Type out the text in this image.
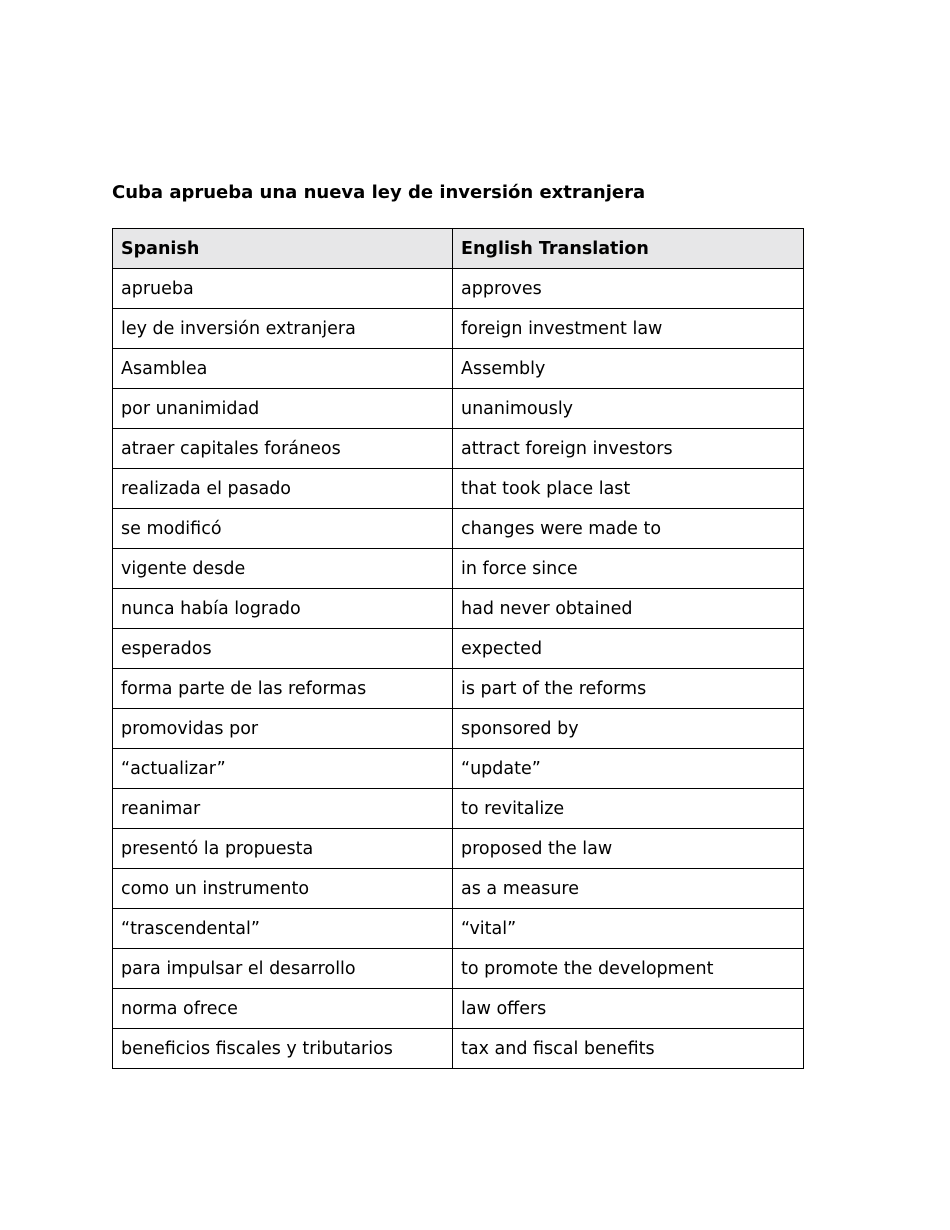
Cuba aprueba una nueva ley de inversión extranjera
Spanish	English Translation
aprueba	approves
ley de inversión extranjera	foreign investment law
Asamblea	Assembly
por unanimidad	unanimously
atraer capitales foráneos	attract foreign investors
realizada el pasado	that took place last
se modificó	changes were made to
vigente desde	in force since
nunca había logrado	had never obtained
esperados	expected
forma parte de las reformas	is part of the reforms
promovidas por	sponsored by
“actualizar”	“update”
reanimar	to revitalize
presentó la propuesta	proposed the law
como un instrumento	as a measure
“trascendental”	“vital”
para impulsar el desarrollo	to promote the development
norma ofrece	law offers
beneficios fiscales y tributarios	tax and fiscal benefits
